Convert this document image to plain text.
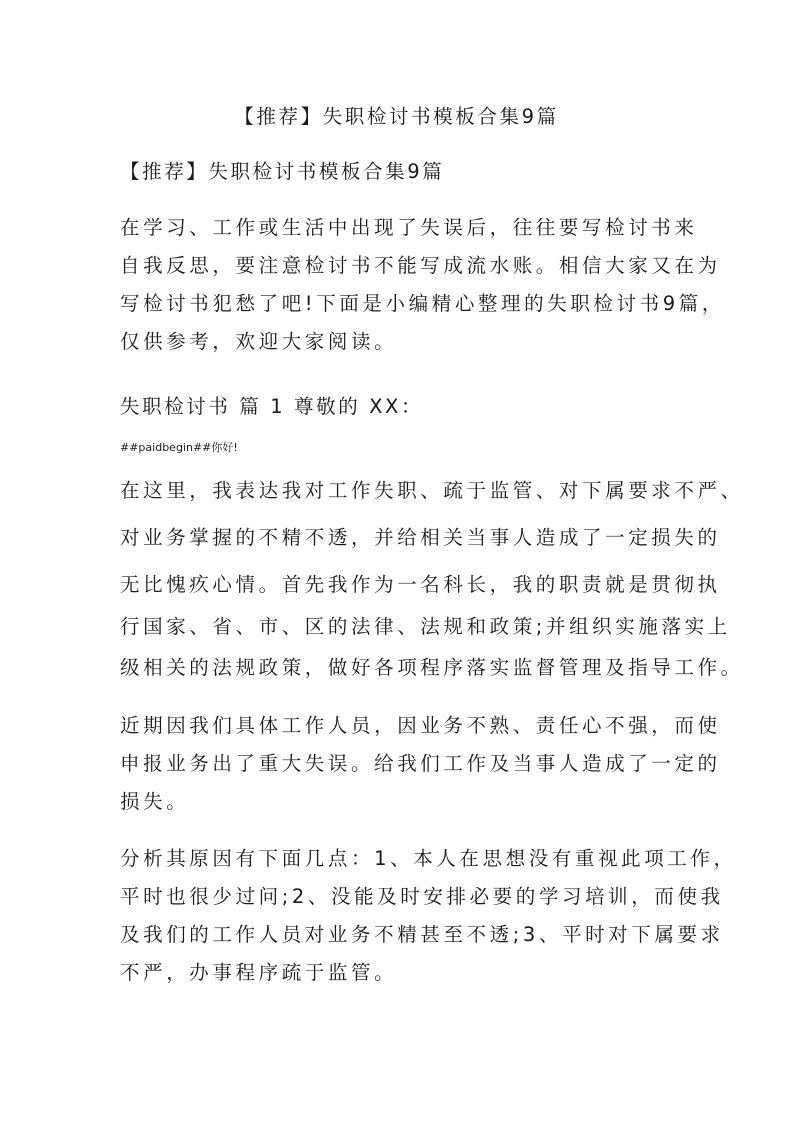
【推荐】失职检讨书模板合集9篇
【推荐】失职检讨书模板合集9篇
在学习、工作或生活中出现了失误后，往往要写检讨书来
自我反思，要注意检讨书不能写成流水账。相信大家又在为
写检讨书犯愁了吧!下面是小编精心整理的失职检讨书9篇，
仅供参考，欢迎大家阅读。
失职检讨书 篇 1 尊敬的 XX：
##paidbegin##你好!
在这里，我表达我对工作失职、疏于监管、对下属要求不严、
对业务掌握的不精不透，并给相关当事人造成了一定损失的
无比愧疚心情。首先我作为一名科长，我的职责就是贯彻执
行国家、省、市、区的法律、法规和政策;并组织实施落实上
级相关的法规政策，做好各项程序落实监督管理及指导工作。
近期因我们具体工作人员，因业务不熟、责任心不强，而使
申报业务出了重大失误。给我们工作及当事人造成了一定的
损失。
分析其原因有下面几点：1、本人在思想没有重视此项工作，
平时也很少过问;2、没能及时安排必要的学习培训，而使我
及我们的工作人员对业务不精甚至不透;3、平时对下属要求
不严，办事程序疏于监管。
